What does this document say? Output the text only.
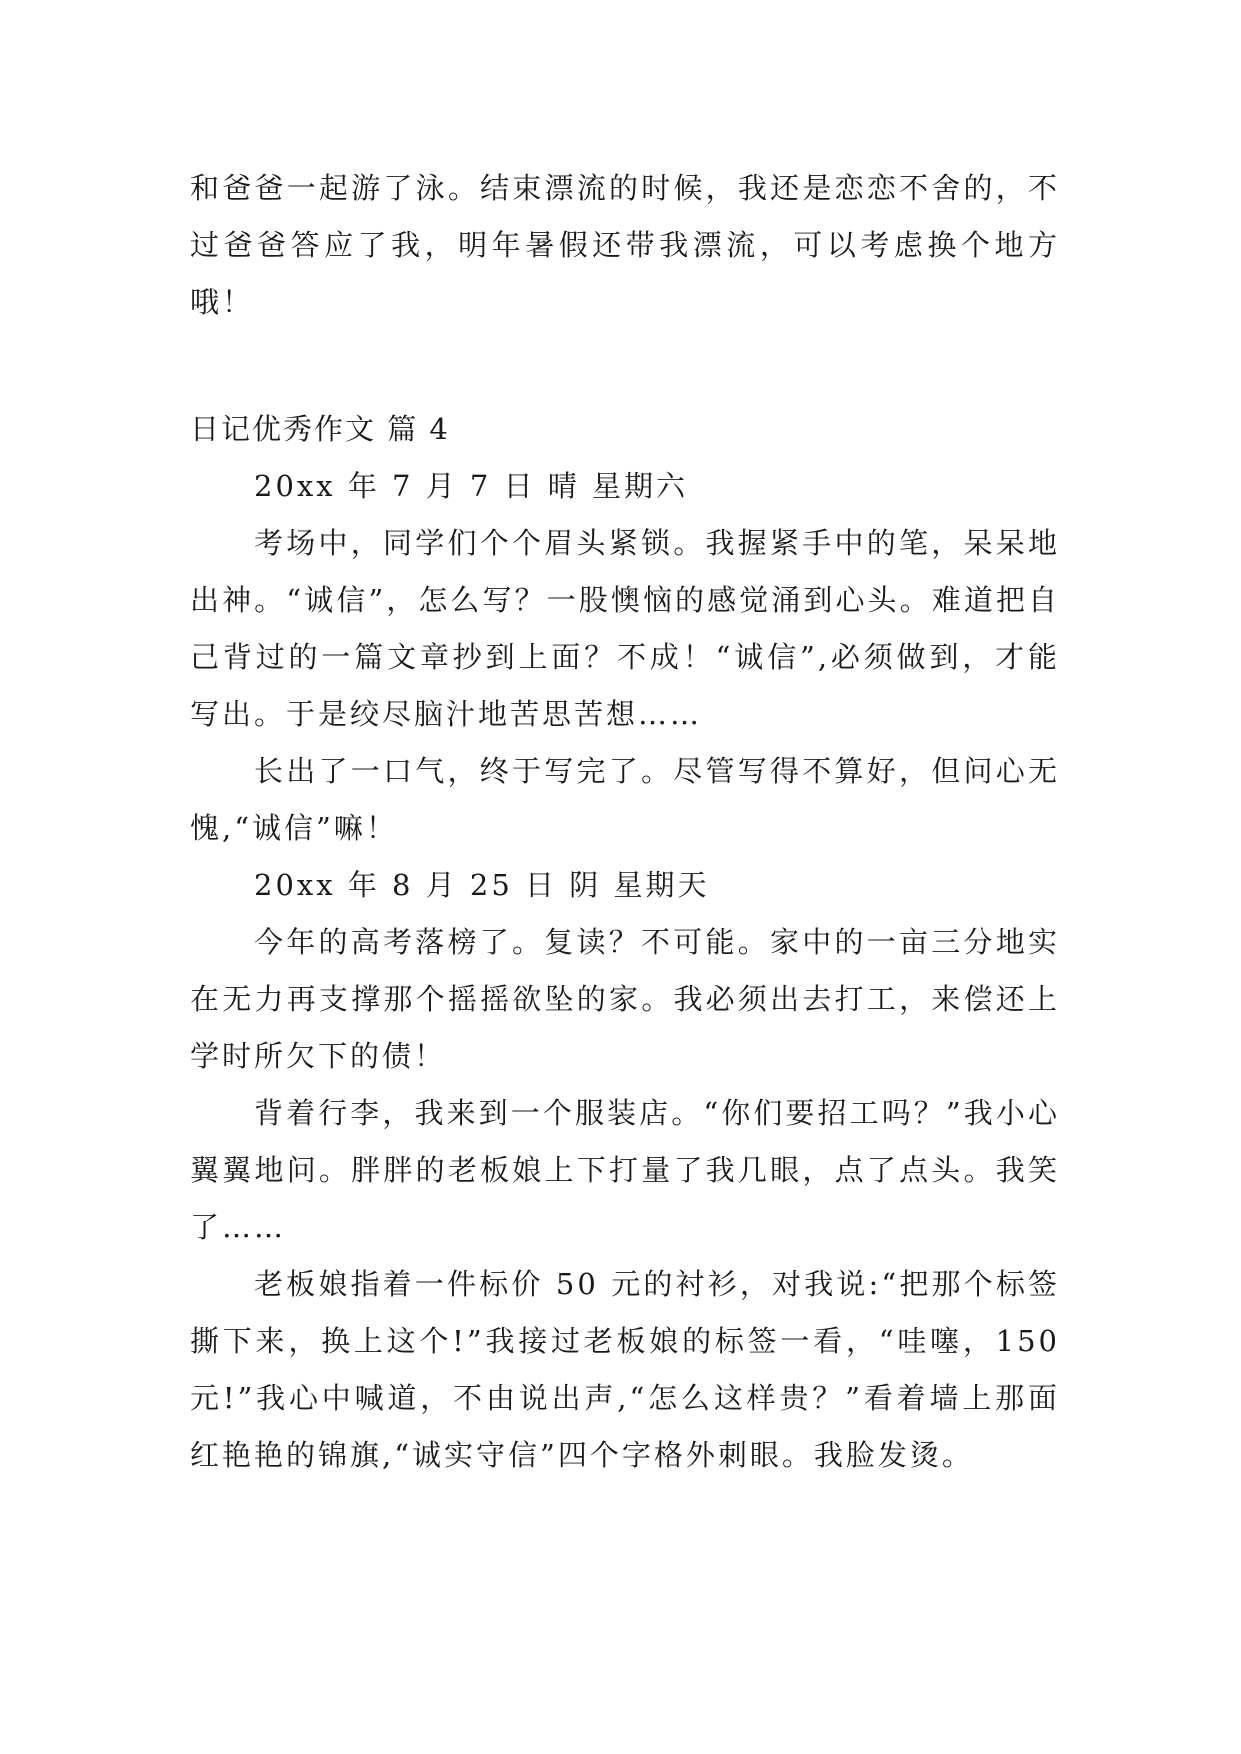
和爸爸一起游了泳。结束漂流的时候，我还是恋恋不舍的，不过爸爸答应了我，明年暑假还带我漂流，可以考虑换个地方哦！

日记优秀作文 篇 4

20xx 年 7 月 7 日 晴 星期六

考场中，同学们个个眉头紧锁。我握紧手中的笔，呆呆地出神。“诚信”，怎么写？一股懊恼的感觉涌到心头。难道把自己背过的一篇文章抄到上面？不成！“诚信”,必须做到，才能写出。于是绞尽脑汁地苦思苦想……

长出了一口气，终于写完了。尽管写得不算好，但问心无愧,“诚信”嘛！

20xx 年 8 月 25 日 阴 星期天

今年的高考落榜了。复读？不可能。家中的一亩三分地实在无力再支撑那个摇摇欲坠的家。我必须出去打工，来偿还上学时所欠下的债！

背着行李，我来到一个服装店。“你们要招工吗？”我小心翼翼地问。胖胖的老板娘上下打量了我几眼，点了点头。我笑了……

老板娘指着一件标价 50 元的衬衫，对我说:“把那个标签撕下来，换上这个!”我接过老板娘的标签一看，“哇噻，150 元!”我心中喊道，不由说出声,“怎么这样贵？”看着墙上那面红艳艳的锦旗,“诚实守信”四个字格外刺眼。我脸发烫。
